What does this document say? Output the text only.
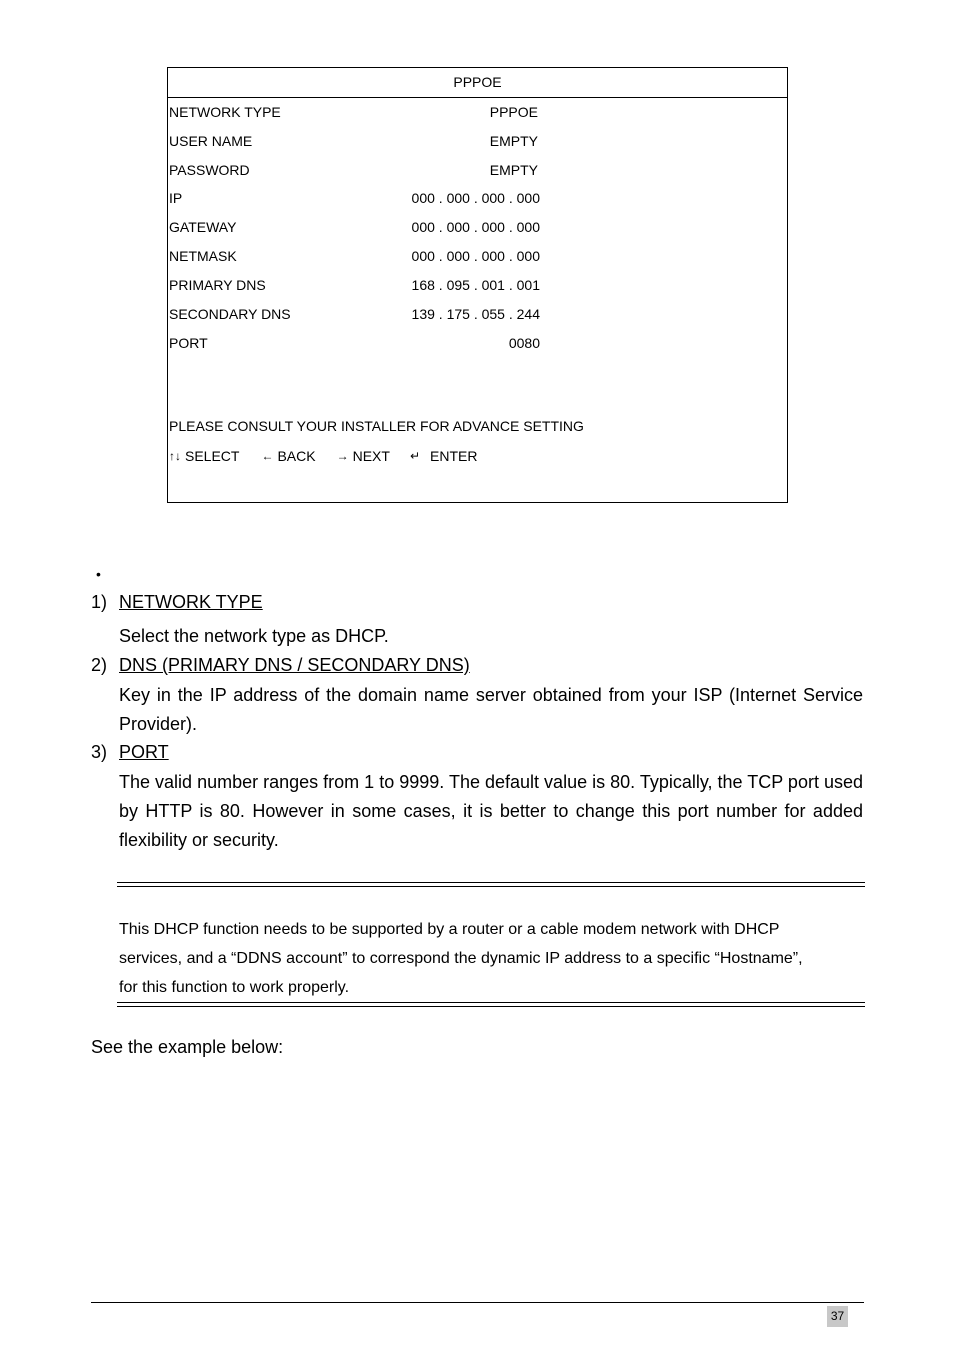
PPPOE
NETWORK TYPE	PPPOE
USER NAME	EMPTY
PASSWORD	EMPTY
IP	000 . 000 . 000 . 000
GATEWAY	000 . 000 . 000 . 000
NETMASK	000 . 000 . 000 . 000
PRIMARY DNS	168 . 095 . 001 . 001
SECONDARY DNS	139 . 175 . 055 . 244
PORT	0080
PLEASE CONSULT YOUR INSTALLER FOR ADVANCE SETTING
↑↓ SELECT ← BACK → NEXT ↵ ENTER
•
1) NETWORK TYPE
Select the network type as DHCP.
2) DNS (PRIMARY DNS / SECONDARY DNS)
Key in the IP address of the domain name server obtained from your ISP (Internet Service Provider).
3) PORT
The valid number ranges from 1 to 9999. The default value is 80. Typically, the TCP port used by HTTP is 80. However in some cases, it is better to change this port number for added flexibility or security.
This DHCP function needs to be supported by a router or a cable modem network with DHCP
services, and a “DDNS account” to correspond the dynamic IP address to a specific “Hostname”,
for this function to work properly.
See the example below:
37
